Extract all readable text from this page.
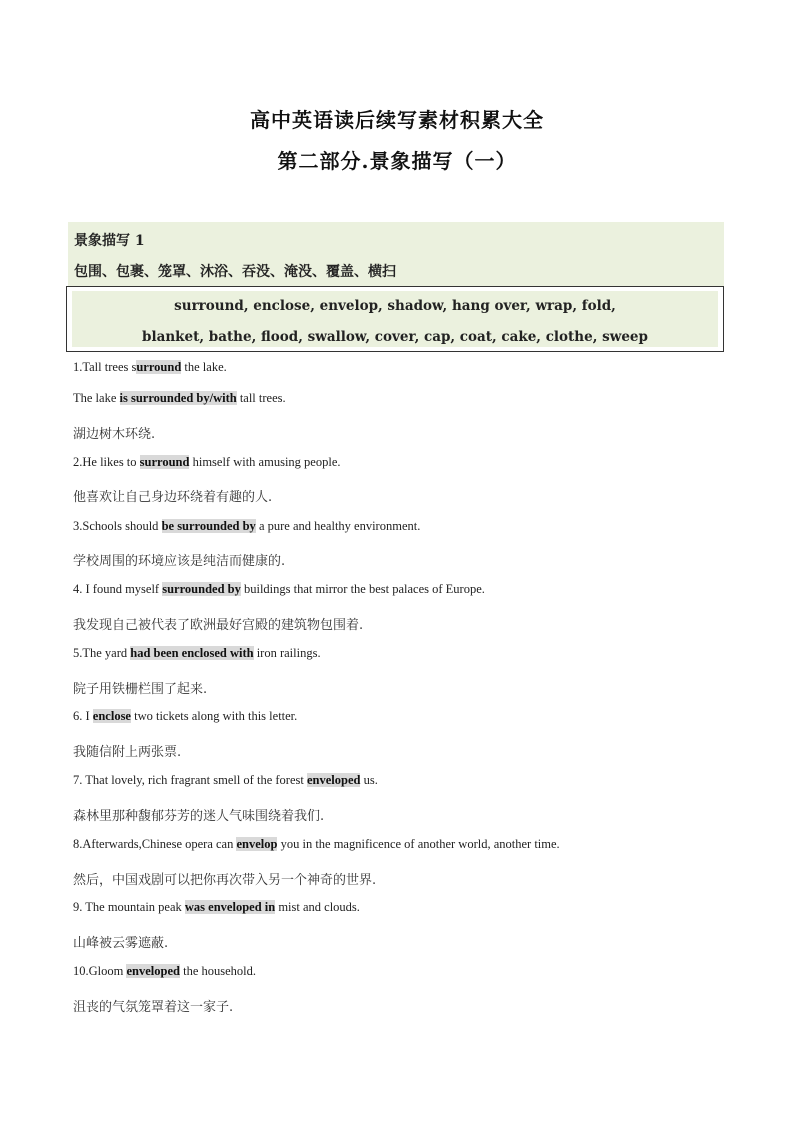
高中英语读后续写素材积累大全
第二部分.景象描写（一）
景象描写 1
包围、包裹、笼罩、沐浴、吞没、淹没、覆盖、横扫
surround, enclose, envelop, shadow, hang over, wrap, fold,
blanket, bathe, flood, swallow, cover, cap, coat, cake, clothe, sweep
1.Tall trees surround the lake.
The lake is surrounded by/with tall trees.
湖边树木环绕.
2.He likes to surround himself with amusing people.
他喜欢让自己身边环绕着有趣的人.
3.Schools should be surrounded by a pure and healthy environment.
学校周围的环境应该是纯洁而健康的.
4. I found myself surrounded by buildings that mirror the best palaces of Europe.
我发现自己被代表了欧洲最好宫殿的建筑物包围着.
5.The yard had been enclosed with iron railings.
院子用铁栅栏围了起来.
6. I enclose two tickets along with this letter.
我随信附上两张票.
7. That lovely, rich fragrant smell of the forest enveloped us.
森林里那种馥郁芬芳的迷人气味围绕着我们.
8.Afterwards,Chinese opera can envelop you in the magnificence of another world, another time.
然后，中国戏剧可以把你再次带入另一个神奇的世界.
9. The mountain peak was enveloped in mist and clouds.
山峰被云雾遮蔽.
10.Gloom enveloped the household.
沮丧的气氛笼罩着这一家子.
